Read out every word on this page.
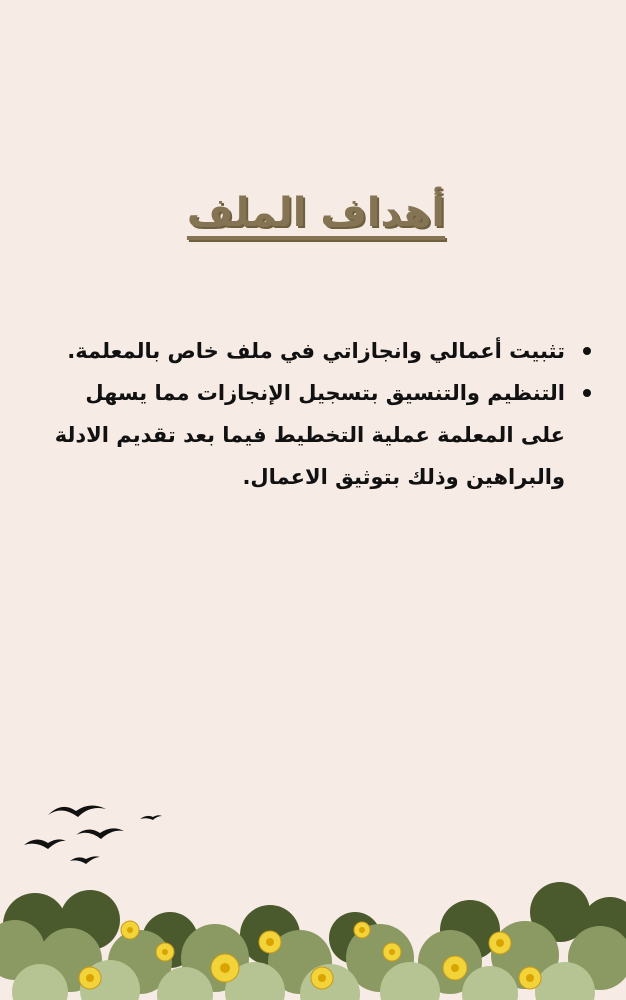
أهداف الملف
تثبيت أعمالي وانجازاتي في ملف خاص بالمعلمة.
التنظيم والتنسيق بتسجيل الإنجازات مما يسهل على المعلمة عملية التخطيط فيما بعد تقديم الادلة والبراهين وذلك بتوثيق الاعمال.
